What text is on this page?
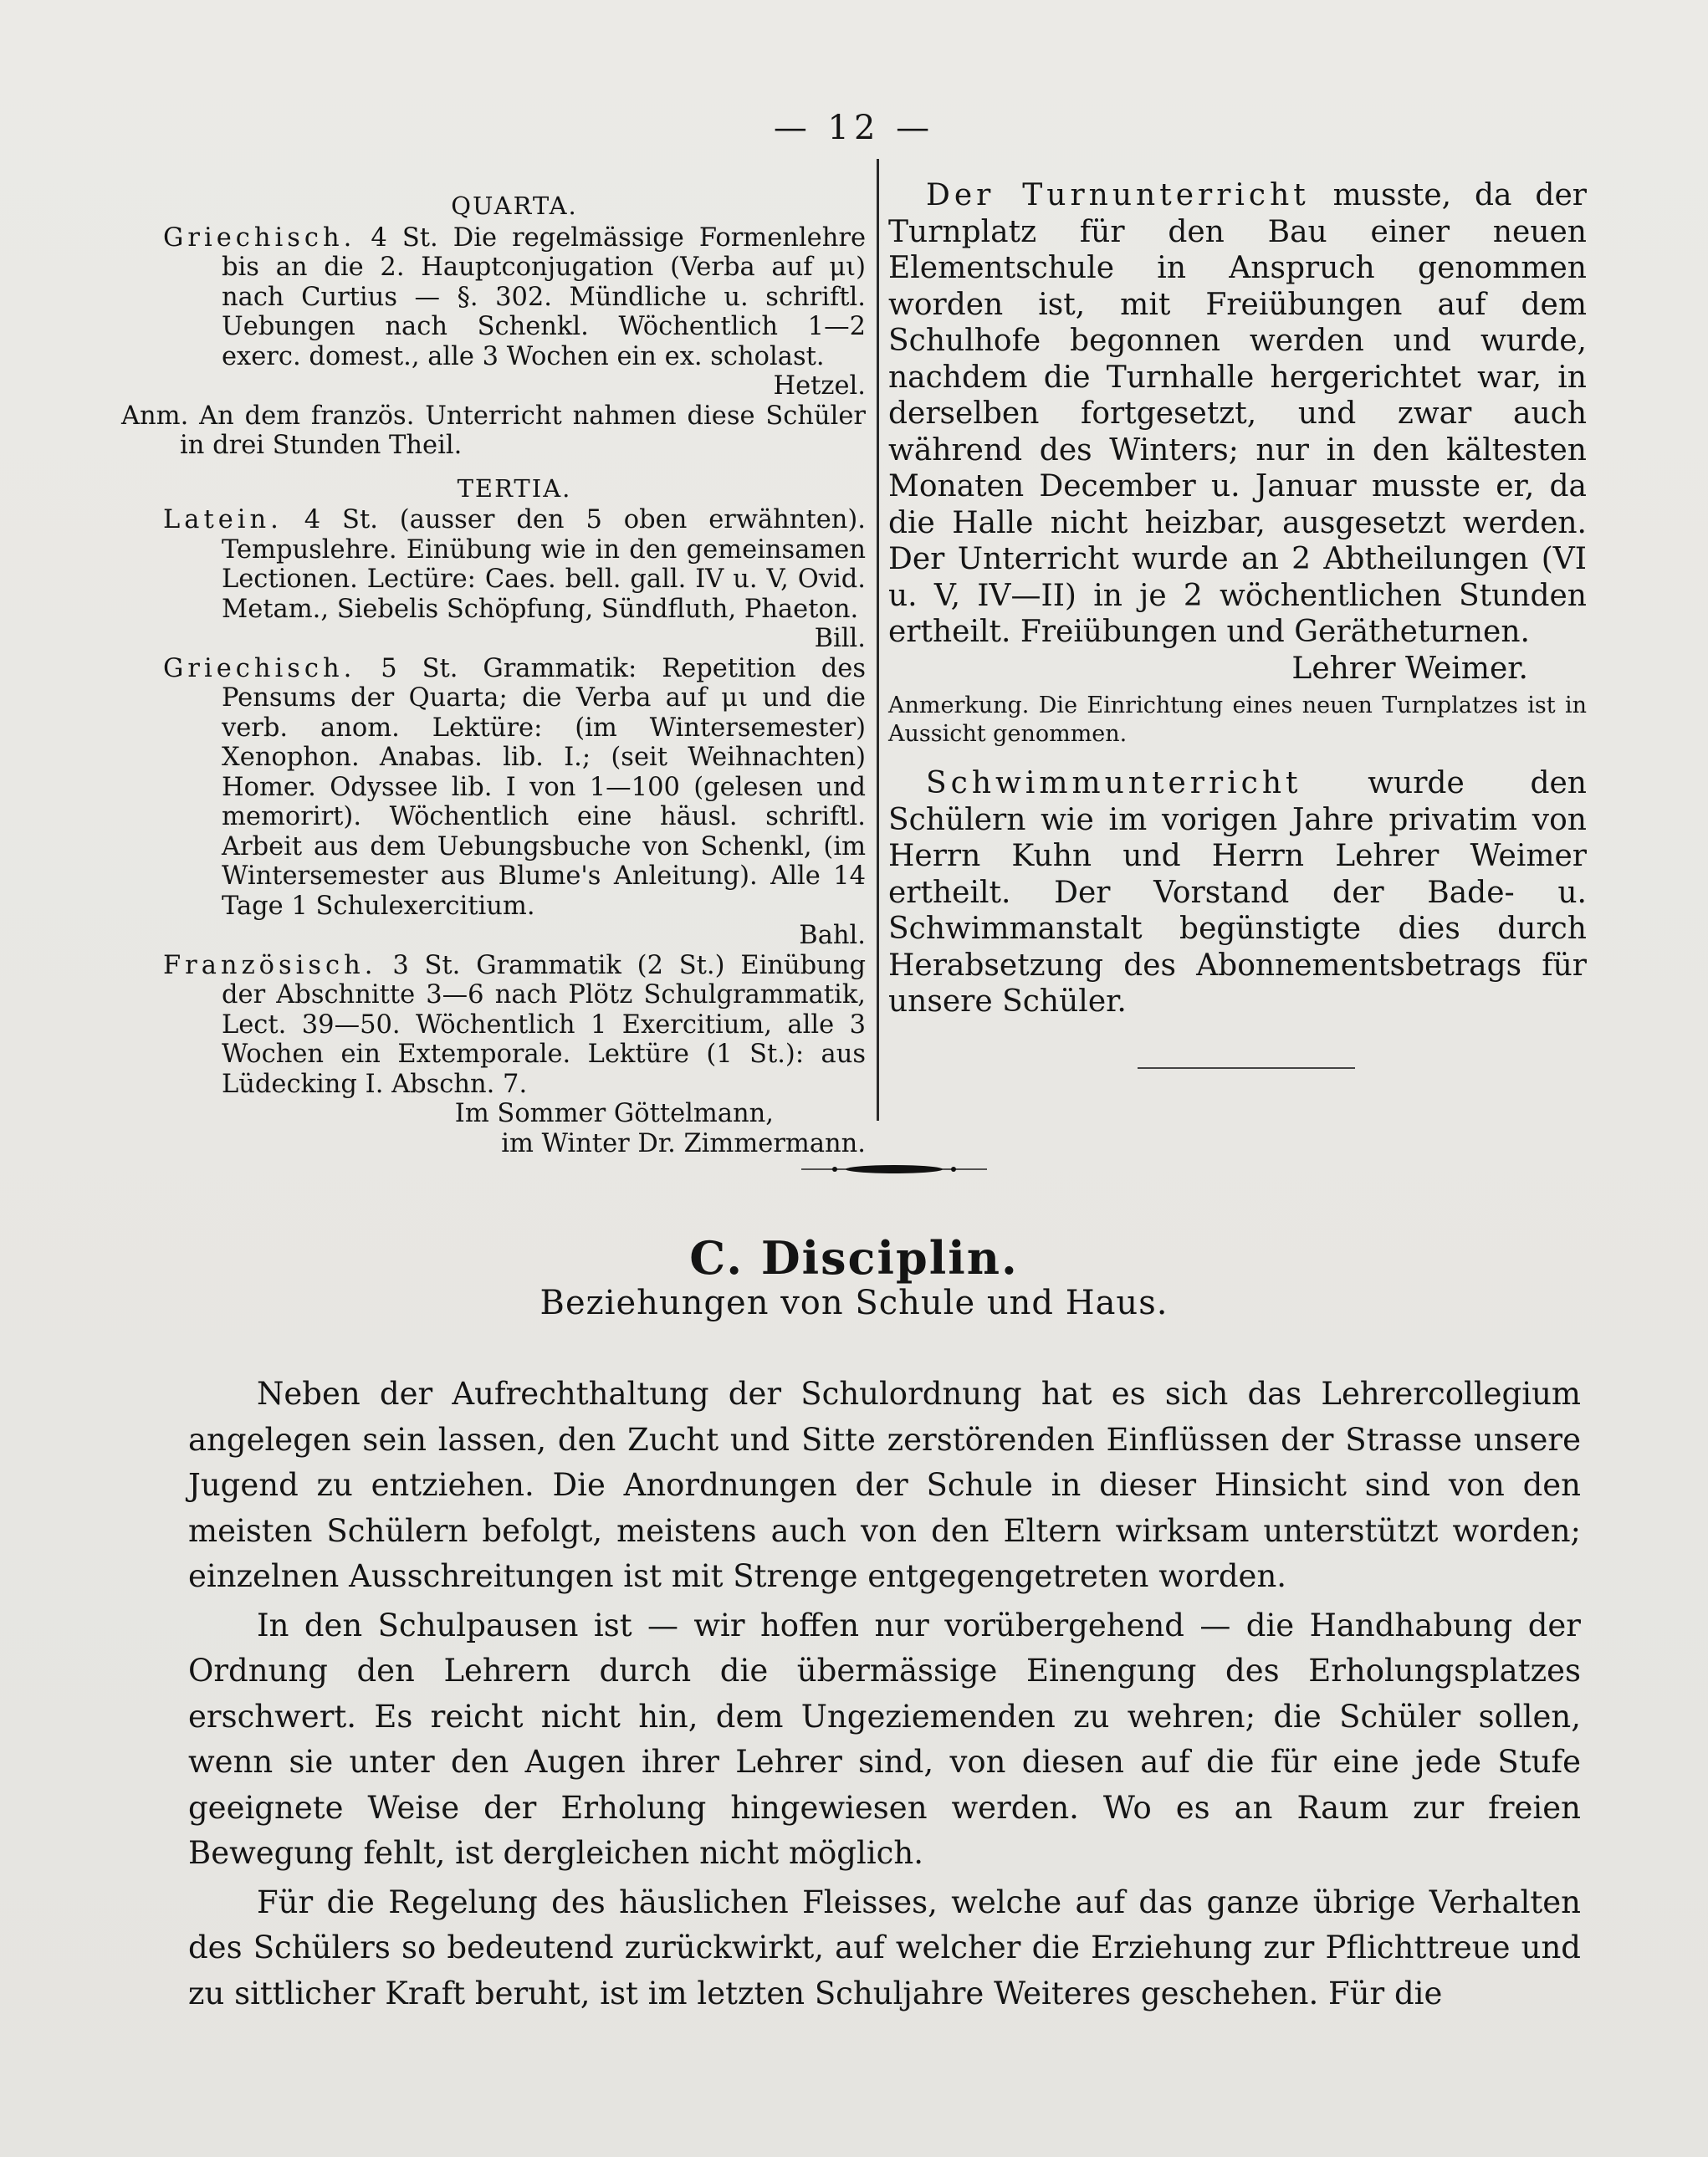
— 12 —
QUARTA.
Griechisch. 4 St. Die regelmässige Formenlehre bis an die 2. Hauptconjugation (Verba auf μι) nach Curtius — §. 302. Mündliche u. schriftl. Uebungen nach Schenkl. Wöchentlich 1—2 exerc. domest., alle 3 Wochen ein ex. scholast.
Hetzel.
Anm. An dem französ. Unterricht nahmen diese Schüler in drei Stunden Theil.
TERTIA.
Latein. 4 St. (ausser den 5 oben erwähnten). Tempuslehre. Einübung wie in den gemeinsamen Lectionen. Lectüre: Caes. bell. gall. IV u. V, Ovid. Metam., Siebelis Schöpfung, Sündfluth, Phaeton.
Bill.
Griechisch. 5 St. Grammatik: Repetition des Pensums der Quarta; die Verba auf μι und die verb. anom. Lektüre: (im Wintersemester) Xenophon. Anabas. lib. I.; (seit Weihnachten) Homer. Odyssee lib. I von 1—100 (gelesen und memorirt). Wöchentlich eine häusl. schriftl. Arbeit aus dem Uebungsbuche von Schenkl, (im Wintersemester aus Blume's Anleitung). Alle 14 Tage 1 Schulexercitium.
Bahl.
Französisch. 3 St. Grammatik (2 St.) Einübung der Abschnitte 3—6 nach Plötz Schulgrammatik, Lect. 39—50. Wöchentlich 1 Exercitium, alle 3 Wochen ein Extemporale. Lektüre (1 St.): aus Lüdecking I. Abschn. 7.
Im Sommer Göttelmann,
im Winter Dr. Zimmermann.

Der Turnunterricht musste, da der Turnplatz für den Bau einer neuen Elementschule in Anspruch genommen worden ist, mit Freiübungen auf dem Schulhofe begonnen werden und wurde, nachdem die Turnhalle hergerichtet war, in derselben fortgesetzt, und zwar auch während des Winters; nur in den kältesten Monaten December u. Januar musste er, da die Halle nicht heizbar, ausgesetzt werden. Der Unterricht wurde an 2 Abtheilungen (VI u. V, IV—II) in je 2 wöchentlichen Stunden ertheilt. Freiübungen und Gerätheturnen.

Lehrer Weimer.

Anmerkung. Die Einrichtung eines neuen Turnplatzes ist in Aussicht genommen.

Schwimmunterricht wurde den Schülern wie im vorigen Jahre privatim von Herrn Kuhn und Herrn Lehrer Weimer ertheilt. Der Vorstand der Bade- u. Schwimmanstalt begünstigte dies durch Herabsetzung des Abonnementsbetrags für unsere Schüler.

C. Disciplin.
Beziehungen von Schule und Haus.

Neben der Aufrechthaltung der Schulordnung hat es sich das Lehrercollegium angelegen sein lassen, den Zucht und Sitte zerstörenden Einflüssen der Strasse unsere Jugend zu entziehen. Die Anordnungen der Schule in dieser Hinsicht sind von den meisten Schülern befolgt, meistens auch von den Eltern wirksam unterstützt worden; einzelnen Ausschreitungen ist mit Strenge entgegengetreten worden.

In den Schulpausen ist — wir hoffen nur vorübergehend — die Handhabung der Ordnung den Lehrern durch die übermässige Einengung des Erholungsplatzes erschwert. Es reicht nicht hin, dem Ungeziemenden zu wehren; die Schüler sollen, wenn sie unter den Augen ihrer Lehrer sind, von diesen auf die für eine jede Stufe geeignete Weise der Erholung hingewiesen werden. Wo es an Raum zur freien Bewegung fehlt, ist dergleichen nicht möglich.

Für die Regelung des häuslichen Fleisses, welche auf das ganze übrige Verhalten des Schülers so bedeutend zurückwirkt, auf welcher die Erziehung zur Pflichttreue und zu sittlicher Kraft beruht, ist im letzten Schuljahre Weiteres geschehen. Für die
